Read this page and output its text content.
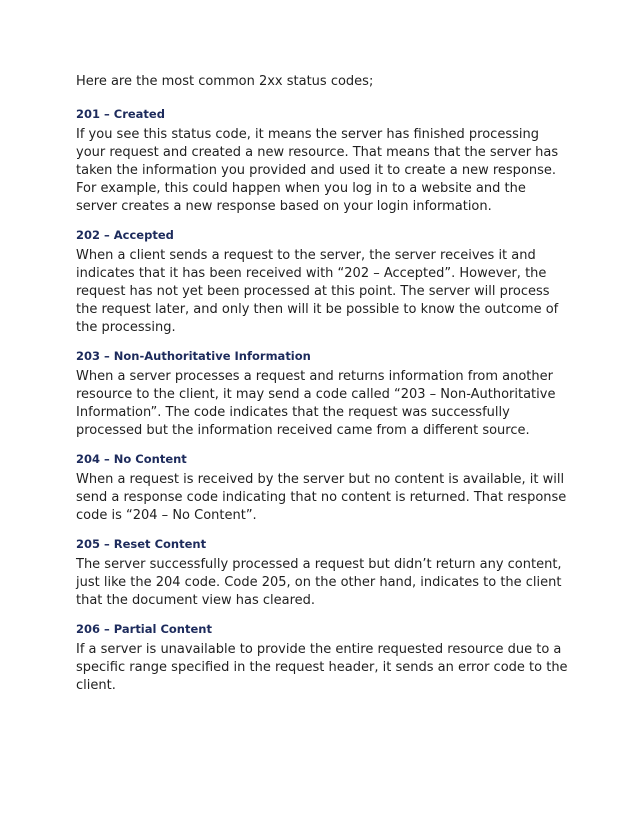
Here are the most common 2xx status codes;

201 – Created

If you see this status code, it means the server has finished processing your request and created a new resource. That means that the server has taken the information you provided and used it to create a new response. For example, this could happen when you log in to a website and the server creates a new response based on your login information.

202 – Accepted

When a client sends a request to the server, the server receives it and indicates that it has been received with “202 – Accepted”. However, the request has not yet been processed at this point. The server will process the request later, and only then will it be possible to know the outcome of the processing.

203 – Non-Authoritative Information

When a server processes a request and returns information from another resource to the client, it may send a code called “203 – Non-Authoritative Information”. The code indicates that the request was successfully processed but the information received came from a different source.

204 – No Content

When a request is received by the server but no content is available, it will send a response code indicating that no content is returned. That response code is “204 – No Content”.

205 – Reset Content

The server successfully processed a request but didn’t return any content, just like the 204 code. Code 205, on the other hand, indicates to the client that the document view has cleared.

206 – Partial Content

If a server is unavailable to provide the entire requested resource due to a specific range specified in the request header, it sends an error code to the client.
